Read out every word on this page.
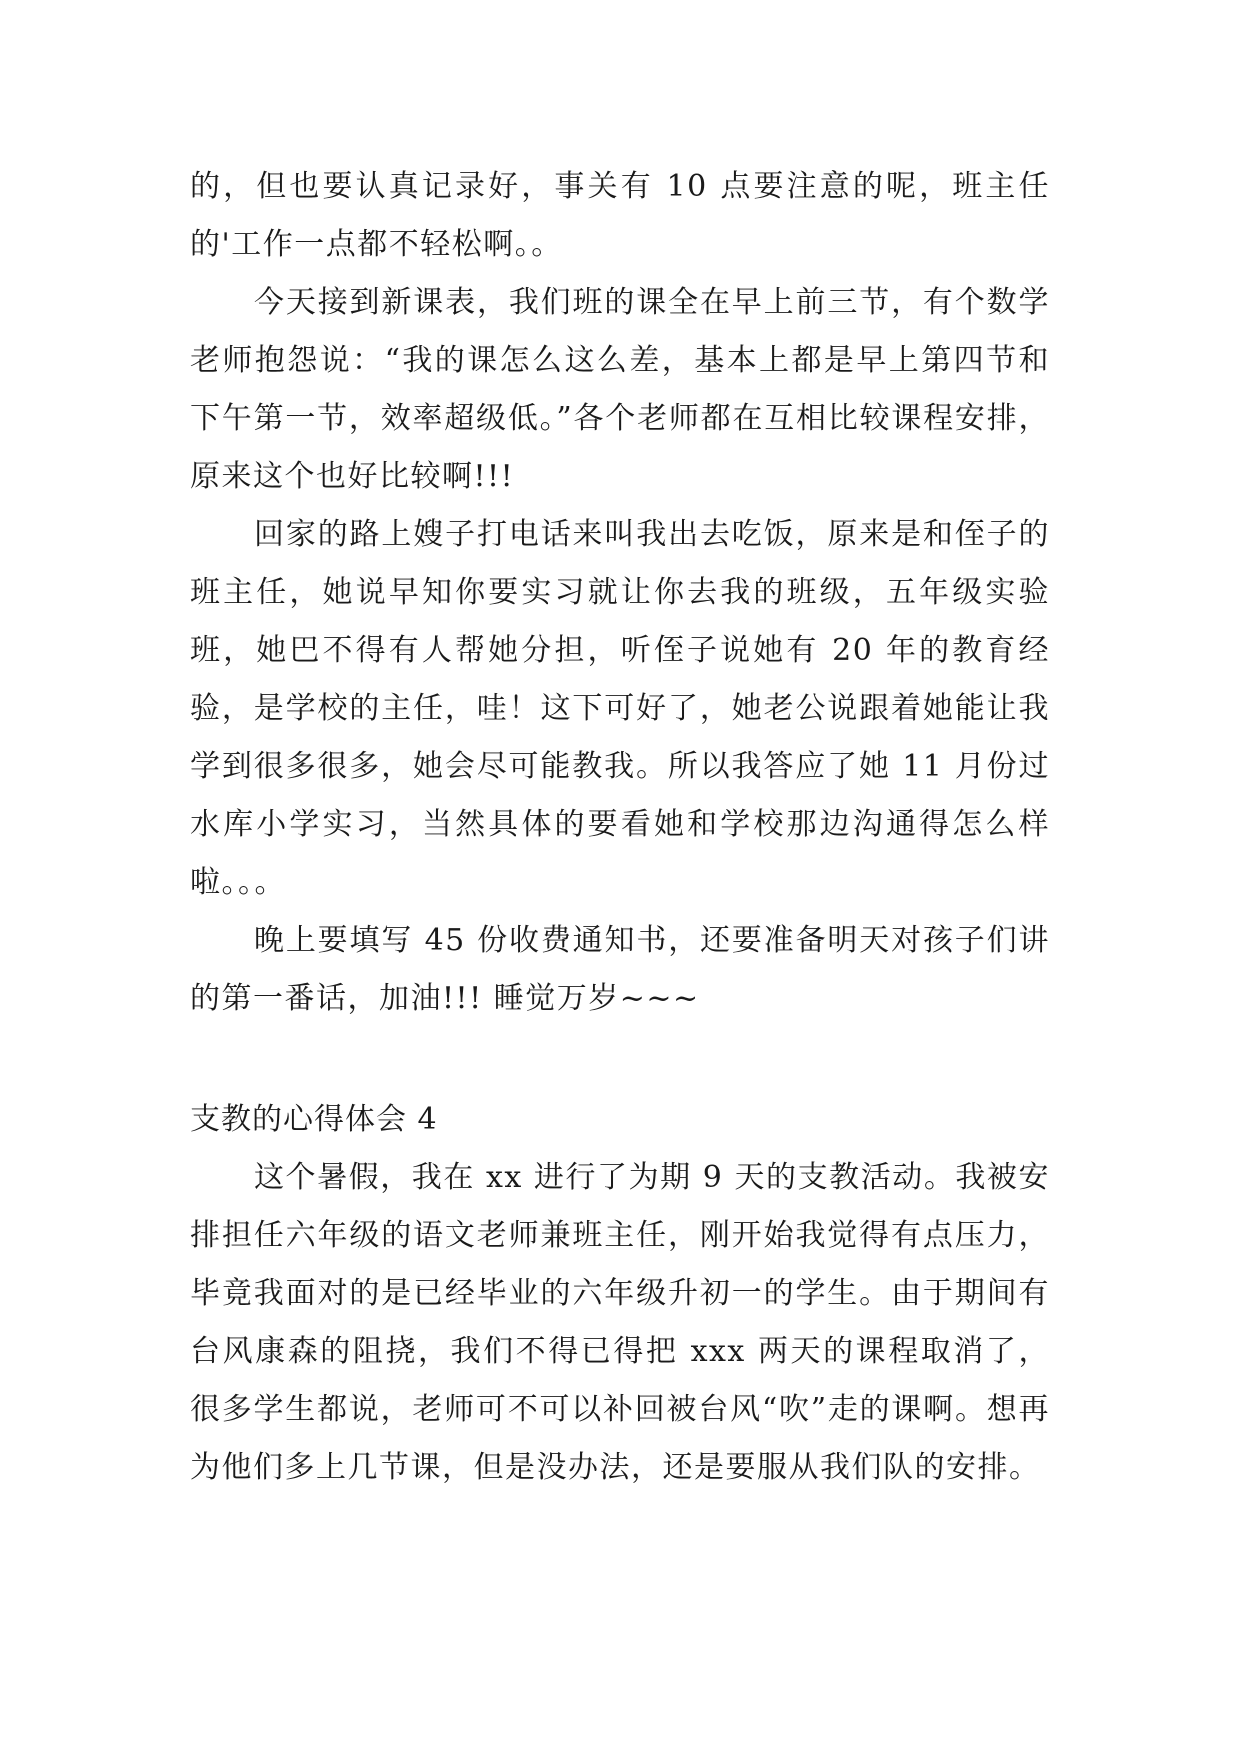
的，但也要认真记录好，事关有 10 点要注意的呢，班主任的'工作一点都不轻松啊。。

今天接到新课表，我们班的课全在早上前三节，有个数学老师抱怨说：“我的课怎么这么差，基本上都是早上第四节和下午第一节，效率超级低。”各个老师都在互相比较课程安排，原来这个也好比较啊!!!

回家的路上嫂子打电话来叫我出去吃饭，原来是和侄子的班主任，她说早知你要实习就让你去我的班级，五年级实验班，她巴不得有人帮她分担，听侄子说她有 20 年的教育经验，是学校的主任，哇！这下可好了，她老公说跟着她能让我学到很多很多，她会尽可能教我。所以我答应了她 11 月份过水库小学实习，当然具体的要看她和学校那边沟通得怎么样啦。。。

晚上要填写 45 份收费通知书，还要准备明天对孩子们讲的第一番话，加油!!! 睡觉万岁~~~

支教的心得体会 4

这个暑假，我在 xx 进行了为期 9 天的支教活动。我被安排担任六年级的语文老师兼班主任，刚开始我觉得有点压力，毕竟我面对的是已经毕业的六年级升初一的学生。由于期间有台风康森的阻挠，我们不得已得把 xxx 两天的课程取消了，很多学生都说，老师可不可以补回被台风“吹”走的课啊。想再为他们多上几节课，但是没办法，还是要服从我们队的安排。
